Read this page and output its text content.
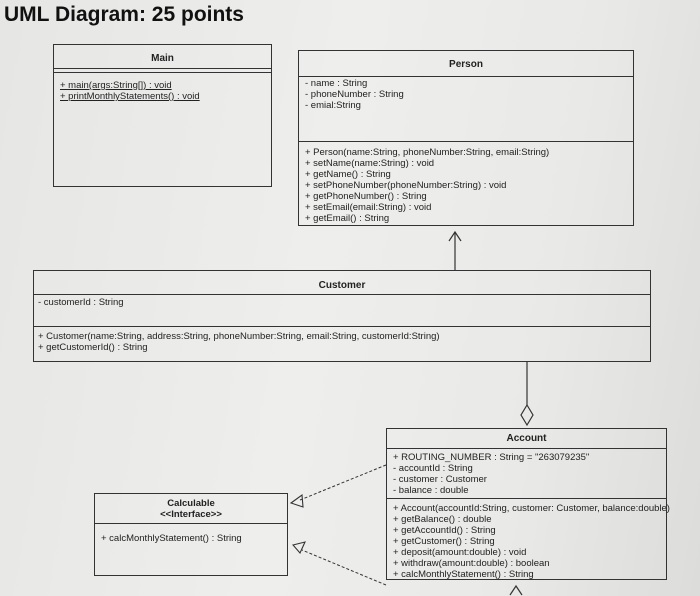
UML Diagram: 25 points
Main
+ main(args:String[]) : void
+ printMonthlyStatements() : void
Person
- name : String
- phoneNumber : String
- emial:String
+ Person(name:String, phoneNumber:String, email:String)
+ setName(name:String) : void
+ getName() : String
+ setPhoneNumber(phoneNumber:String) : void
+ getPhoneNumber() : String
+ setEmail(email:String) : void
+ getEmail() : String
Customer
- customerId : String
+ Customer(name:String, address:String, phoneNumber:String, email:String, customerId:String)
+ getCustomerId() : String
Account
+ ROUTING_NUMBER : String = "263079235"
- accountId : String
- customer : Customer
- balance : double
+ Account(accountId:String, customer: Customer, balance:double)
+ getBalance() : double
+ getAccountId() : String
+ getCustomer() : String
+ deposit(amount:double) : void
+ withdraw(amount:double) : boolean
+ calcMonthlyStatement() : String
Calculable
<<Interface>>
+ calcMonthlyStatement() : String
